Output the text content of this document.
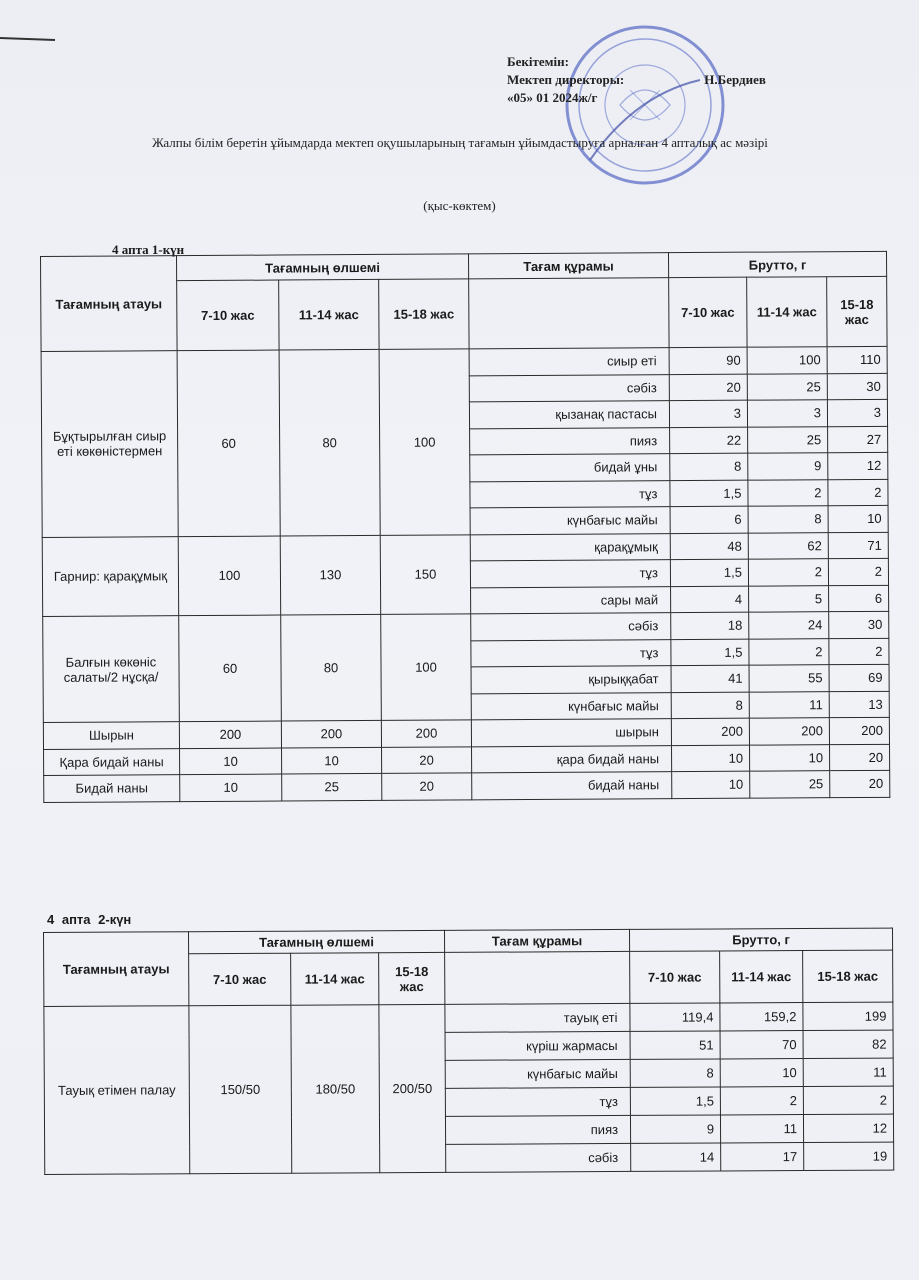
Бекітемін:
Мектеп директоры:	Н.Бердиев
«05» 01 2024ж/г
Жалпы білім беретін ұйымдарда мектеп оқушыларының тағамын ұйымдастыруға арналған 4 апталық ас мәзірі
(қыс-көктем)
4 апта 1-күн
Тағамның атауы	Тағамның өлшемі			Тағам құрамы	Брутто, г		
	7-10 жас	11-14 жас	15-18 жас		7-10 жас	11-14 жас	15-18 жас
Бұқтырылған сиыр еті көкөністермен	60	80	100	сиыр еті	90	100	110
				сәбіз	20	25	30
				қызанақ пастасы	3	3	3
				пияз	22	25	27
				бидай ұны	8	9	12
				тұз	1,5	2	2
				күнбағыс майы	6	8	10
Гарнир: қарақұмық	100	130	150	қарақұмық	48	62	71
				тұз	1,5	2	2
				сары май	4	5	6
Балғын көкөніс салаты/2 нұсқа/	60	80	100	сәбіз	18	24	30
				тұз	1,5	2	2
				қырыққабат	41	55	69
				күнбағыс майы	8	11	13
Шырын	200	200	200	шырын	200	200	200
Қара бидай наны	10	10	20	қара бидай наны	10	10	20
Бидай наны	10	25	20	бидай наны	10	25	20
4 апта 2-күн
Тағамның атауы	Тағамның өлшемі			Тағам құрамы	Брутто, г		
	7-10 жас	11-14 жас	15-18 жас		7-10 жас	11-14 жас	15-18 жас
Тауық етімен палау	150/50	180/50	200/50	тауық еті	119,4	159,2	199
				күріш жармасы	51	70	82
				күнбағыс майы	8	10	11
				тұз	1,5	2	2
				пияз	9	11	12
				сәбіз	14	17	19
